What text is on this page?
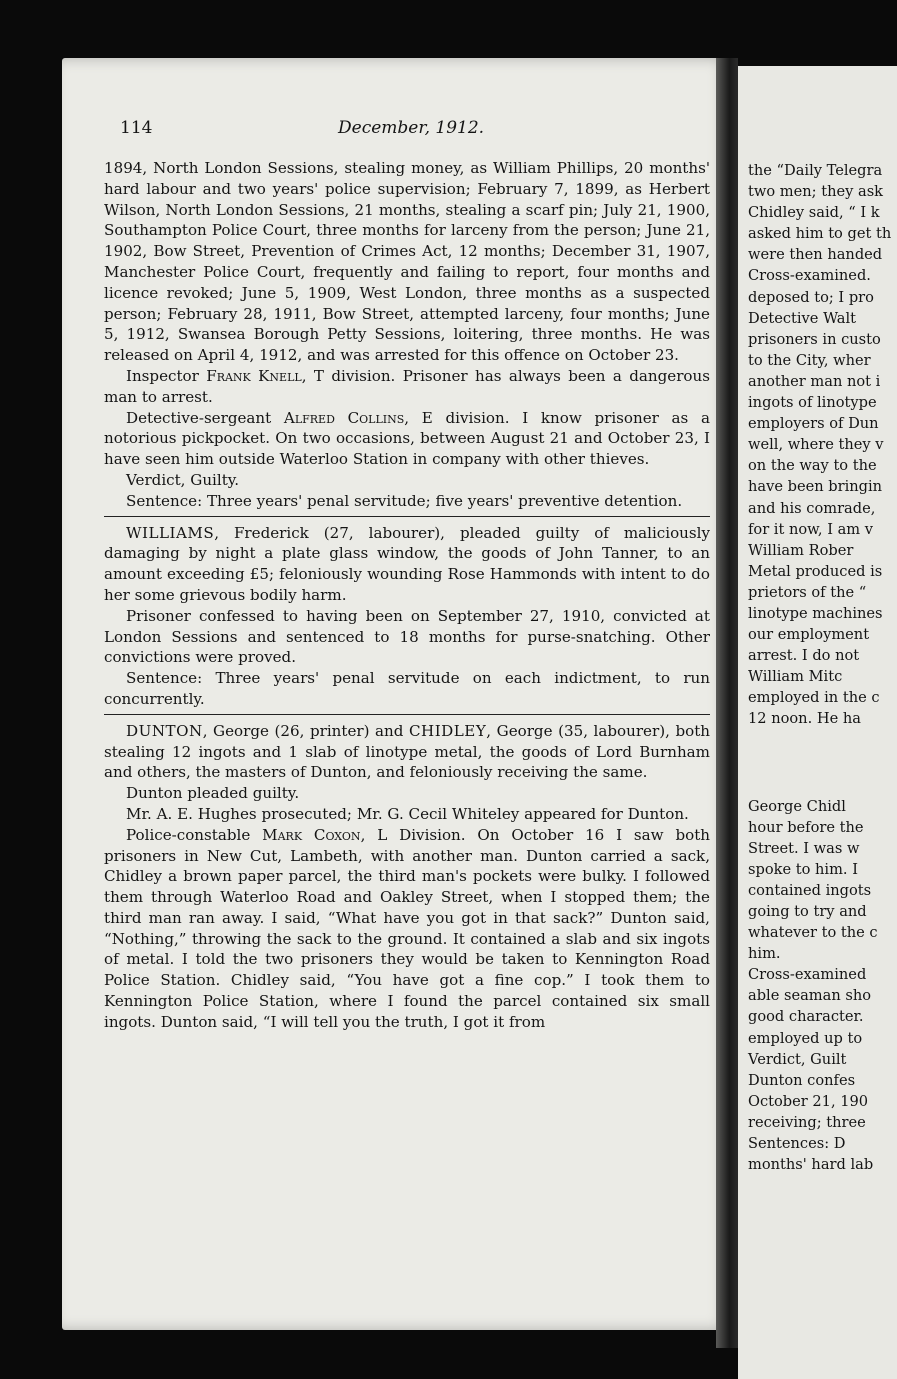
the “Daily Telegra

two men; they ask

Chidley said, “ I k

asked him to get th

were then handed

Cross-examined.

deposed to; I pro

Detective Walt

prisoners in custo

to the City, wher

another man not i

ingots of linotype

employers of Dun

well, where they v

on the way to the

have been bringin

and his comrade,

for it now, I am v

William Rober

Metal produced is

prietors of the “

linotype machines

our employment

arrest. I do not

William Mitc

employed in the c

12 noon. He ha

George Chidl

hour before the

Street. I was w

spoke to him. I

contained ingots

going to try and

whatever to the c

him.

Cross-examined

able seaman sho

good character.

employed up to

Verdict, Guilt

Dunton confes

October 21, 190

receiving; three

Sentences: D

months' hard lab

114	December, 1912.

1894, North London Sessions, stealing money, as William Phillips, 20 months' hard labour and two years' police supervision; February 7, 1899, as Herbert Wilson, North London Sessions, 21 months, stealing a scarf pin; July 21, 1900, Southampton Police Court, three months for larceny from the person; June 21, 1902, Bow Street, Prevention of Crimes Act, 12 months; December 31, 1907, Manchester Police Court, frequently and failing to report, four months and licence revoked; June 5, 1909, West London, three months as a suspected person; February 28, 1911, Bow Street, attempted larceny, four months; June 5, 1912, Swansea Borough Petty Sessions, loitering, three months. He was released on April 4, 1912, and was arrested for this offence on October 23.

Inspector Frank Knell, T division. Prisoner has always been a dangerous man to arrest.

Detective-sergeant Alfred Collins, E division. I know prisoner as a notorious pickpocket. On two occasions, between August 21 and October 23, I have seen him outside Waterloo Station in company with other thieves.

Verdict, Guilty.

Sentence: Three years' penal servitude; five years' preventive detention.

WILLIAMS, Frederick (27, labourer), pleaded guilty of maliciously damaging by night a plate glass window, the goods of John Tanner, to an amount exceeding £5; feloniously wounding Rose Hammonds with intent to do her some grievous bodily harm.

Prisoner confessed to having been on September 27, 1910, convicted at London Sessions and sentenced to 18 months for purse-snatching. Other convictions were proved.

Sentence: Three years' penal servitude on each indictment, to run concurrently.

DUNTON, George (26, printer) and CHIDLEY, George (35, labourer), both stealing 12 ingots and 1 slab of linotype metal, the goods of Lord Burnham and others, the masters of Dunton, and feloniously receiving the same.

Dunton pleaded guilty.

Mr. A. E. Hughes prosecuted; Mr. G. Cecil Whiteley appeared for Dunton.

Police-constable Mark Coxon, L Division. On October 16 I saw both prisoners in New Cut, Lambeth, with another man. Dunton carried a sack, Chidley a brown paper parcel, the third man's pockets were bulky. I followed them through Waterloo Road and Oakley Street, when I stopped them; the third man ran away. I said, “What have you got in that sack?” Dunton said, “Nothing,” throwing the sack to the ground. It contained a slab and six ingots of metal. I told the two prisoners they would be taken to Kennington Road Police Station. Chidley said, “You have got a fine cop.” I took them to Kennington Police Station, where I found the parcel contained six small ingots. Dunton said, “I will tell you the truth, I got it from
